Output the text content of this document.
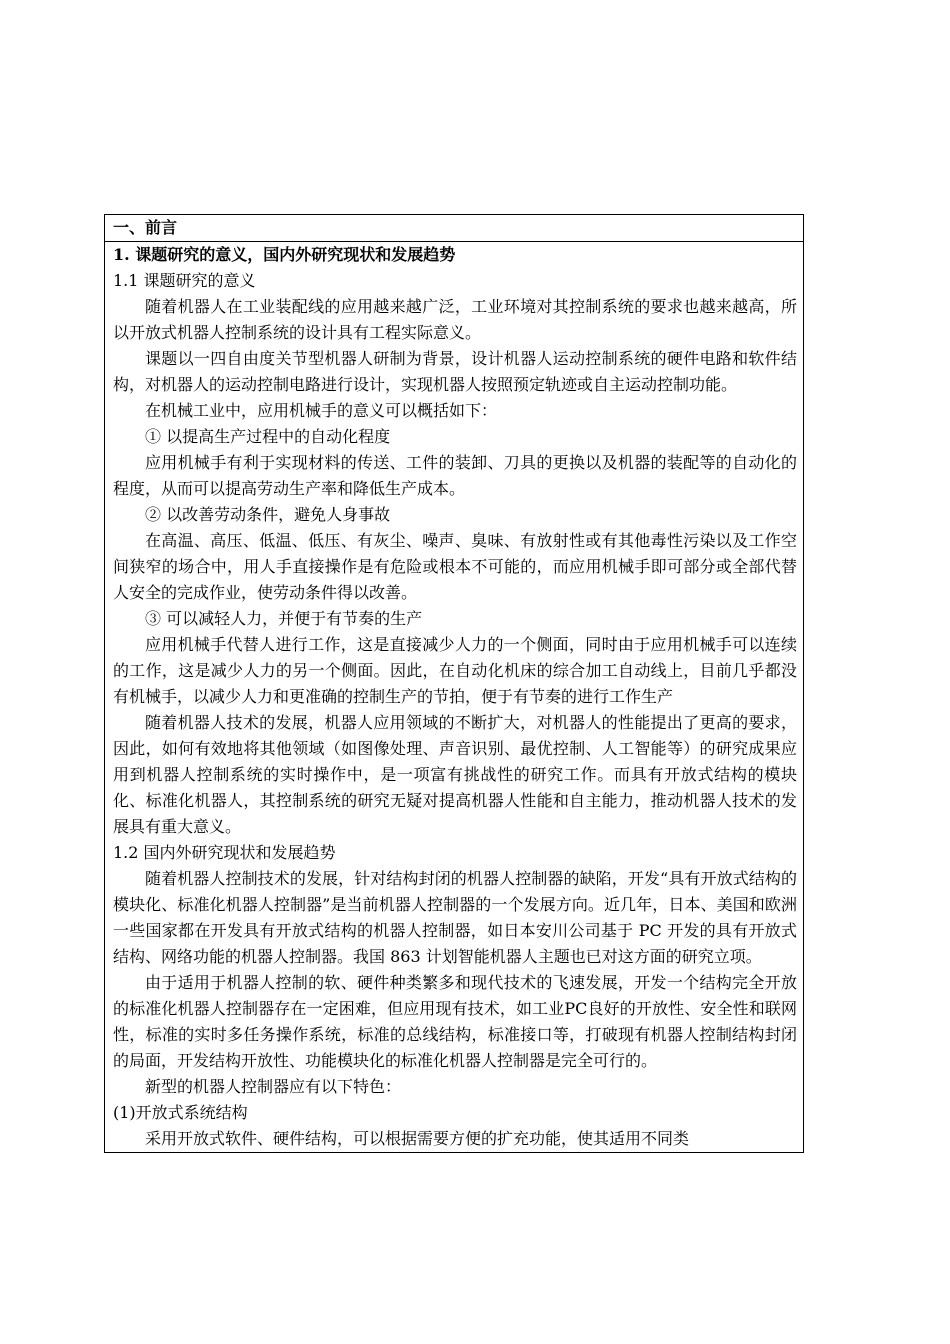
一、前言
1. 课题研究的意义，国内外研究现状和发展趋势
1.1 课题研究的意义

随着机器人在工业装配线的应用越来越广泛，工业环境对其控制系统的要求也越来越高，所以开放式机器人控制系统的设计具有工程实际意义。

课题以一四自由度关节型机器人研制为背景，设计机器人运动控制系统的硬件电路和软件结构，对机器人的运动控制电路进行设计，实现机器人按照预定轨迹或自主运动控制功能。

在机械工业中，应用机械手的意义可以概括如下：

① 以提高生产过程中的自动化程度

应用机械手有利于实现材料的传送、工件的装卸、刀具的更换以及机器的装配等的自动化的程度，从而可以提高劳动生产率和降低生产成本。

② 以改善劳动条件，避免人身事故

在高温、高压、低温、低压、有灰尘、噪声、臭味、有放射性或有其他毒性污染以及工作空间狭窄的场合中，用人手直接操作是有危险或根本不可能的，而应用机械手即可部分或全部代替人安全的完成作业，使劳动条件得以改善。

③ 可以减轻人力，并便于有节奏的生产

应用机械手代替人进行工作，这是直接减少人力的一个侧面，同时由于应用机械手可以连续的工作，这是减少人力的另一个侧面。因此，在自动化机床的综合加工自动线上，目前几乎都没有机械手，以减少人力和更准确的控制生产的节拍，便于有节奏的进行工作生产

随着机器人技术的发展，机器人应用领域的不断扩大，对机器人的性能提出了更高的要求，因此，如何有效地将其他领域（如图像处理、声音识别、最优控制、人工智能等）的研究成果应用到机器人控制系统的实时操作中，是一项富有挑战性的研究工作。而具有开放式结构的模块化、标准化机器人，其控制系统的研究无疑对提高机器人性能和自主能力，推动机器人技术的发展具有重大意义。

1.2 国内外研究现状和发展趋势

随着机器人控制技术的发展，针对结构封闭的机器人控制器的缺陷，开发“具有开放式结构的模块化、标准化机器人控制器”是当前机器人控制器的一个发展方向。近几年，日本、美国和欧洲一些国家都在开发具有开放式结构的机器人控制器，如日本安川公司基于 PC 开发的具有开放式结构、网络功能的机器人控制器。我国 863 计划智能机器人主题也已对这方面的研究立项。

由于适用于机器人控制的软、硬件种类繁多和现代技术的飞速发展，开发一个结构完全开放的标准化机器人控制器存在一定困难，但应用现有技术，如工业PC良好的开放性、安全性和联网性，标准的实时多任务操作系统，标准的总线结构，标准接口等，打破现有机器人控制结构封闭的局面，开发结构开放性、功能模块化的标准化机器人控制器是完全可行的。

新型的机器人控制器应有以下特色：

(1)开放式系统结构

采用开放式软件、硬件结构，可以根据需要方便的扩充功能，使其适用不同类
